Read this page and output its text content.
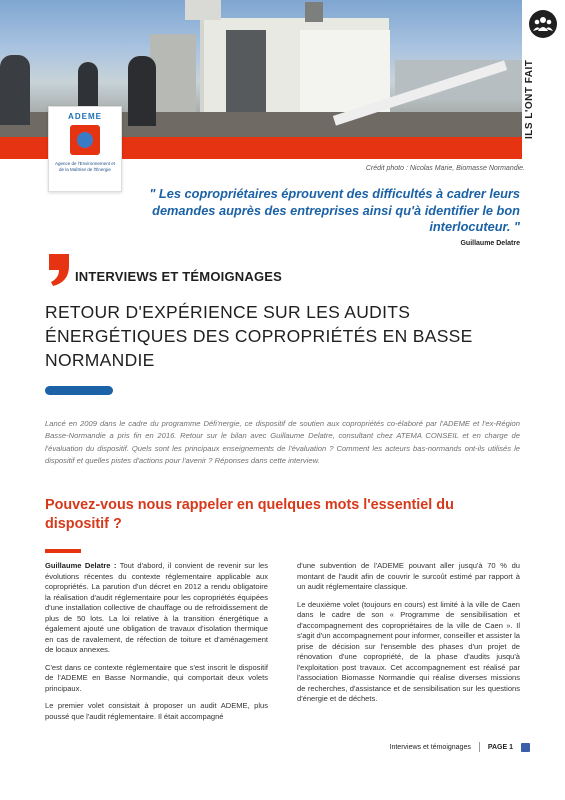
ILS L'ONT FAIT
ADEME
Agence de l'Environnement et de la Maîtrise de l'Énergie	Crédit photo : Nicolas Marie, Biomasse Normandie.
" Les copropriétaires éprouvent des difficultés à cadrer leurs demandes auprès des entreprises ainsi qu'à identifier le bon interlocuteur. "
Guillaume Delatre
INTERVIEWS ET TÉMOIGNAGES
RETOUR D'EXPÉRIENCE SUR LES AUDITS ÉNERGÉTIQUES DES COPROPRIÉTÉS EN BASSE NORMANDIE
Lancé en 2009 dans le cadre du programme Défi'nergie, ce dispositif de soutien aux copropriétés co-élaboré par l'ADEME et l'ex-Région Basse-Normandie a pris fin en 2016. Retour sur le bilan avec Guillaume Delatre, consultant chez ATEMA CONSEIL et en charge de l'évaluation du dispositif. Quels sont les principaux enseignements de l'évaluation ? Comment les acteurs bas-normands ont-ils utilisés le dispositif et quelles pistes d'actions pour l'avenir ? Réponses dans cette interview.
Pouvez-vous nous rappeler en quelques mots l'essentiel du dispositif ?

Guillaume Delatre : Tout d'abord, il convient de revenir sur les évolutions récentes du contexte réglementaire applicable aux copropriétés. La parution d'un décret en 2012 a rendu obligatoire la réalisation d'audit réglementaire pour les copropriétés équipées d'une installation collective de chauffage ou de refroidissement de plus de 50 lots. La loi relative à la transition énergétique a également ajouté une obligation de travaux d'isolation thermique en cas de ravalement, de réfection de toiture et d'aménagement de locaux annexes.

C'est dans ce contexte réglementaire que s'est inscrit le dispositif de l'ADEME en Basse Normandie, qui comportait deux volets principaux.

Le premier volet consistait à proposer un audit ADEME, plus poussé que l'audit réglementaire. Il était accompagné

d'une subvention de l'ADEME pouvant aller jusqu'à 70 % du montant de l'audit afin de couvrir le surcoût estimé par rapport à un audit réglementaire classique.

Le deuxième volet (toujours en cours) est limité à la ville de Caen dans le cadre de son « Programme de sensibilisation et d'accompagnement des copropriétaires de la ville de Caen ». Il s'agit d'un accompagnement pour informer, conseiller et assister la prise de décision sur l'ensemble des phases d'un projet de rénovation d'une copropriété, de la phase d'audits jusqu'à l'exploitation post travaux. Cet accompagnement est réalisé par l'association Biomasse Normandie qui réalise diverses missions de recherches, d'assistance et de sensibilisation sur les questions d'énergie et de déchets.

Interviews et témoignages PAGE 1
